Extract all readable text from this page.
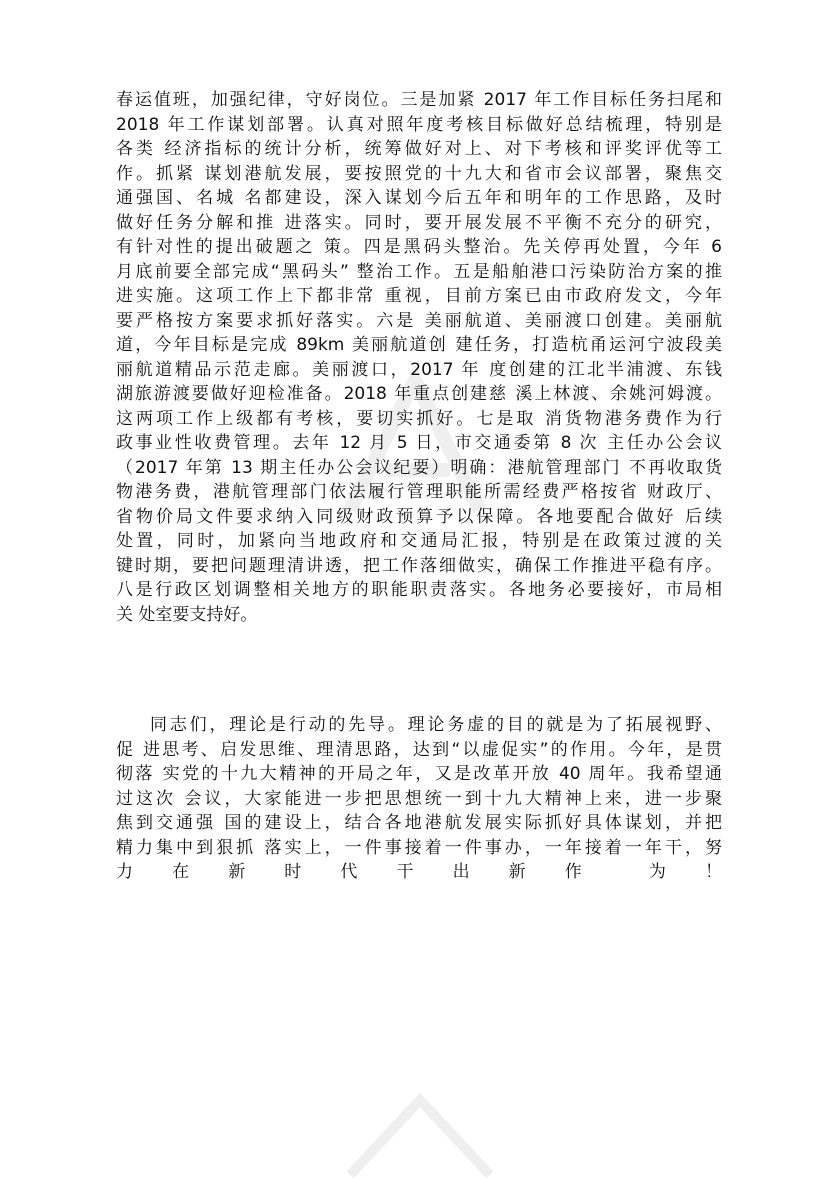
春运值班，加强纪律，守好岗位。三是加紧 2017 年工作目标任务扫尾和
2018 年工作谋划部署。认真对照年度考核目标做好总结梳理，特别是
各类 经济指标的统计分析，统筹做好对上、对下考核和评奖评优等工
作。抓紧 谋划港航发展，要按照党的十九大和省市会议部署，聚焦交
通强国、名城 名都建设，深入谋划今后五年和明年的工作思路，及时
做好任务分解和推 进落实。同时，要开展发展不平衡不充分的研究，
有针对性的提出破题之 策。四是黑码头整治。先关停再处置，今年 6
月底前要全部完成“黑码头” 整治工作。五是船舶港口污染防治方案的推
进实施。这项工作上下都非常 重视，目前方案已由市政府发文，今年
要严格按方案要求抓好落实。六是 美丽航道、美丽渡口创建。美丽航
道，今年目标是完成 89km 美丽航道创 建任务，打造杭甬运河宁波段美
丽航道精品示范走廊。美丽渡口，2017 年 度创建的江北半浦渡、东钱
湖旅游渡要做好迎检准备。2018 年重点创建慈 溪上林渡、余姚河姆渡。
这两项工作上级都有考核，要切实抓好。七是取 消货物港务费作为行
政事业性收费管理。去年 12 月 5 日，市交通委第 8 次 主任办公会议
（2017 年第 13 期主任办公会议纪要）明确：港航管理部门 不再收取货
物港务费，港航管理部门依法履行管理职能所需经费严格按省 财政厅、
省物价局文件要求纳入同级财政预算予以保障。各地要配合做好 后续
处置，同时，加紧向当地政府和交通局汇报，特别是在政策过渡的关
键时期，要把问题理清讲透，把工作落细做实，确保工作推进平稳有序。
八是行政区划调整相关地方的职能职责落实。各地务必要接好，市局相
关 处室要支持好。
同志们，理论是行动的先导。理论务虚的目的就是为了拓展视野、
促 进思考、启发思维、理清思路，达到“以虚促实”的作用。今年，是贯
彻落 实党的十九大精神的开局之年，又是改革开放 40 周年。我希望通
过这次 会议，大家能进一步把思想统一到十九大精神上来，进一步聚
焦到交通强 国的建设上，结合各地港航发展实际抓好具体谋划，并把
精力集中到狠抓 落实上，一件事接着一件事办，一年接着一年干，努
力　在　新　时　代　干　出　新　作　　为　！
